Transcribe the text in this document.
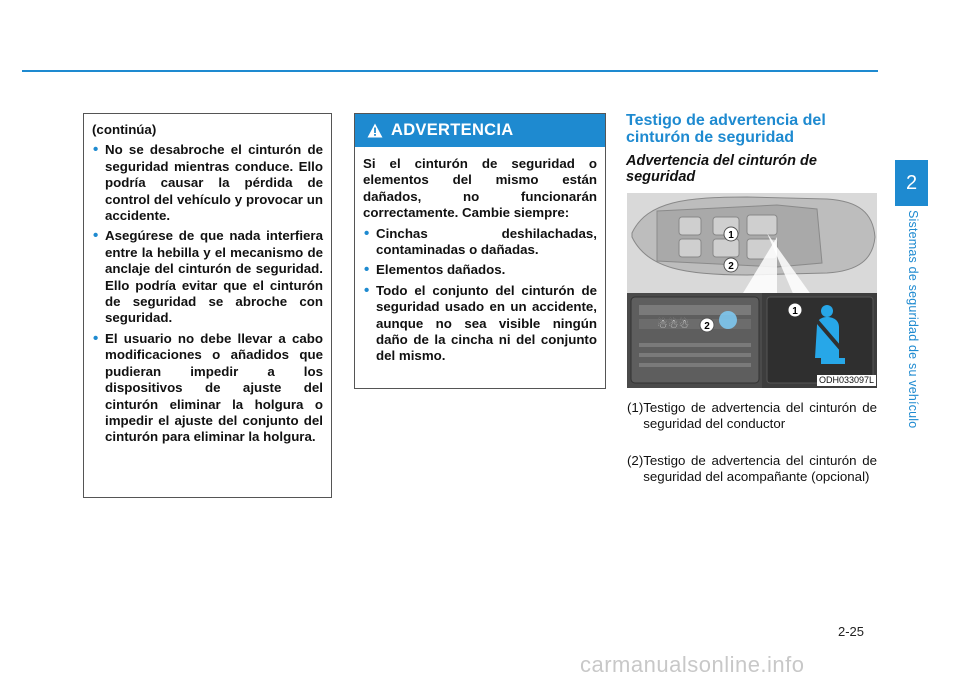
(continúa)

• No se desabroche el cinturón de seguridad mientras conduce. Ello podría causar la pérdida de control del vehículo y provocar un accidente.
• Asegúrese de que nada interfiera entre la hebilla y el mecanismo de anclaje del cinturón de seguridad. Ello podría evitar que el cinturón de seguridad se abroche con seguridad.
• El usuario no debe llevar a cabo modificaciones o añadidos que pudieran impedir a los dispositivos de ajuste del cinturón eliminar la holgura o impedir el ajuste del conjunto del cinturón para eliminar la holgura.
ADVERTENCIA

Si el cinturón de seguridad o elementos del mismo están dañados, no funcionarán correctamente. Cambie siempre:

• Cinchas deshilachadas, contaminadas o dañadas.
• Elementos dañados.
• Todo el conjunto del cinturón de seguridad usado en un accidente, aunque no sea visible ningún daño de la cincha ni del conjunto del mismo.
Testigo de advertencia del cinturón de seguridad
Advertencia del cinturón de seguridad
1
2
☃☃☃ 2
1
ODH033097L
(1) Testigo de advertencia del cinturón de seguridad del conductor
(2) Testigo de advertencia del cinturón de seguridad del acompañante (opcional)
2
Sistemas de seguridad de su vehículo
2-25
carmanualsonline.info
